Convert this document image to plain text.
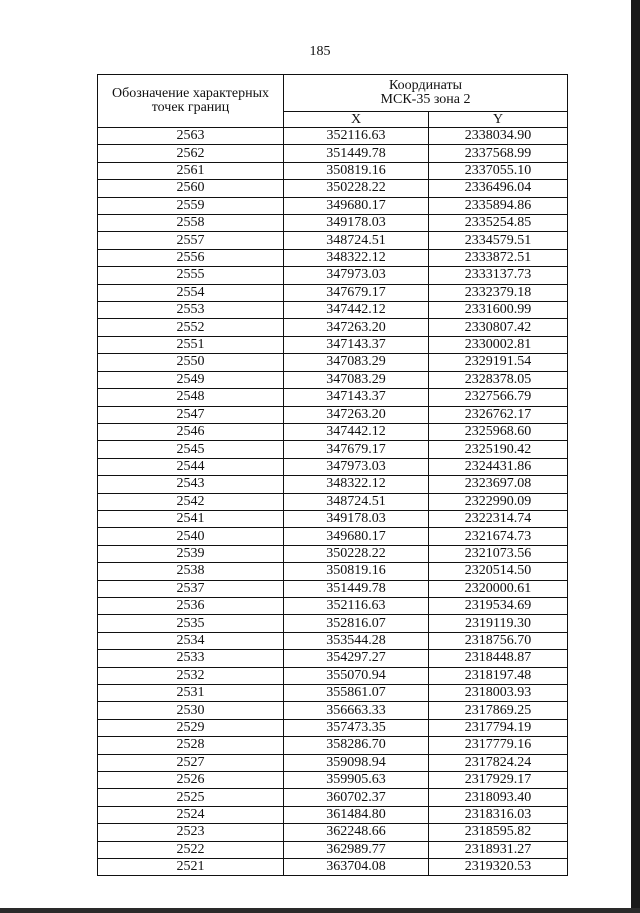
185
Обозначение характерных точек границ	Координаты
МСК-35 зона 2	

	X	Y
2563	352116.63	2338034.90
2562	351449.78	2337568.99
2561	350819.16	2337055.10
2560	350228.22	2336496.04
2559	349680.17	2335894.86
2558	349178.03	2335254.85
2557	348724.51	2334579.51
2556	348322.12	2333872.51
2555	347973.03	2333137.73
2554	347679.17	2332379.18
2553	347442.12	2331600.99
2552	347263.20	2330807.42
2551	347143.37	2330002.81
2550	347083.29	2329191.54
2549	347083.29	2328378.05
2548	347143.37	2327566.79
2547	347263.20	2326762.17
2546	347442.12	2325968.60
2545	347679.17	2325190.42
2544	347973.03	2324431.86
2543	348322.12	2323697.08
2542	348724.51	2322990.09
2541	349178.03	2322314.74
2540	349680.17	2321674.73
2539	350228.22	2321073.56
2538	350819.16	2320514.50
2537	351449.78	2320000.61
2536	352116.63	2319534.69
2535	352816.07	2319119.30
2534	353544.28	2318756.70
2533	354297.27	2318448.87
2532	355070.94	2318197.48
2531	355861.07	2318003.93
2530	356663.33	2317869.25
2529	357473.35	2317794.19
2528	358286.70	2317779.16
2527	359098.94	2317824.24
2526	359905.63	2317929.17
2525	360702.37	2318093.40
2524	361484.80	2318316.03
2523	362248.66	2318595.82
2522	362989.77	2318931.27
2521	363704.08	2319320.53
